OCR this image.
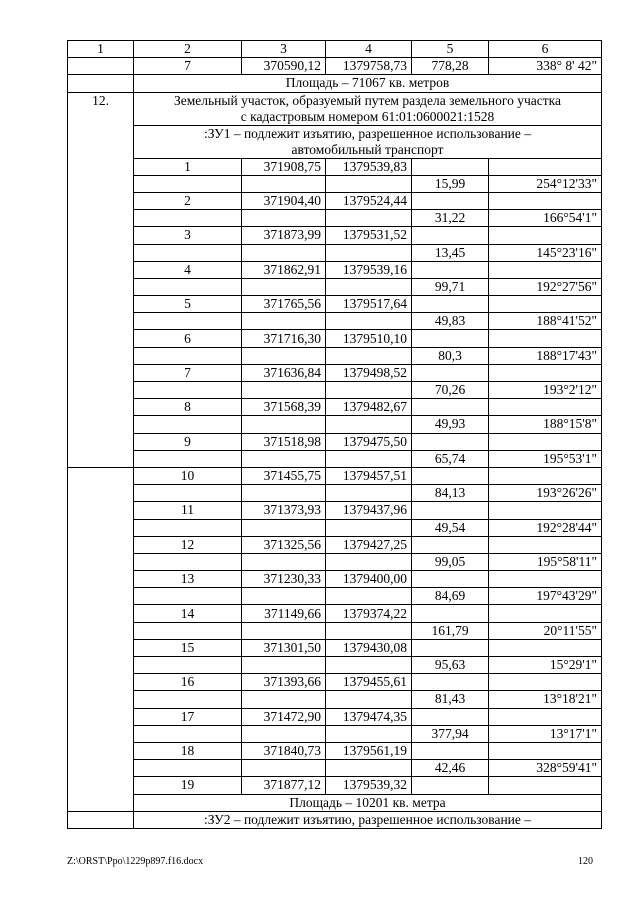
1	2	3	4	5	6
	7	370590,12	1379758,73	778,28	338° 8' 42"
	Площадь – 71067 кв. метров				
12.	Земельный участок, образуемый путем раздела земельного участка
с кадастровым номером 61:01:0600021:1528				

	:ЗУ1 – подлежит изъятию, разрешенное использование –
автомобильный транспорт				

	1	371908,75	1379539,83		
				15,99	254°12'33"
	2	371904,40	1379524,44		
				31,22	166°54'1"
	3	371873,99	1379531,52		
				13,45	145°23'16"
	4	371862,91	1379539,16		
				99,71	192°27'56"
	5	371765,56	1379517,64		
				49,83	188°41'52"
	6	371716,30	1379510,10		
				80,3	188°17'43"
	7	371636,84	1379498,52		
				70,26	193°2'12"
	8	371568,39	1379482,67		
				49,93	188°15'8"
	9	371518,98	1379475,50		
				65,74	195°53'1"
	10	371455,75	1379457,51		
				84,13	193°26'26"
	11	371373,93	1379437,96		
				49,54	192°28'44"
	12	371325,56	1379427,25		
				99,05	195°58'11"
	13	371230,33	1379400,00		
				84,69	197°43'29"
	14	371149,66	1379374,22		
				161,79	20°11'55"
	15	371301,50	1379430,08		
				95,63	15°29'1"
	16	371393,66	1379455,61		
				81,43	13°18'21"
	17	371472,90	1379474,35		
				377,94	13°17'1"
	18	371840,73	1379561,19		
				42,46	328°59'41"
	19	371877,12	1379539,32		
	Площадь – 10201 кв. метра				
	:ЗУ2 – подлежит изъятию, разрешенное использование –				
Z:\ORST\Ppo\1229p897.f16.docx	120
